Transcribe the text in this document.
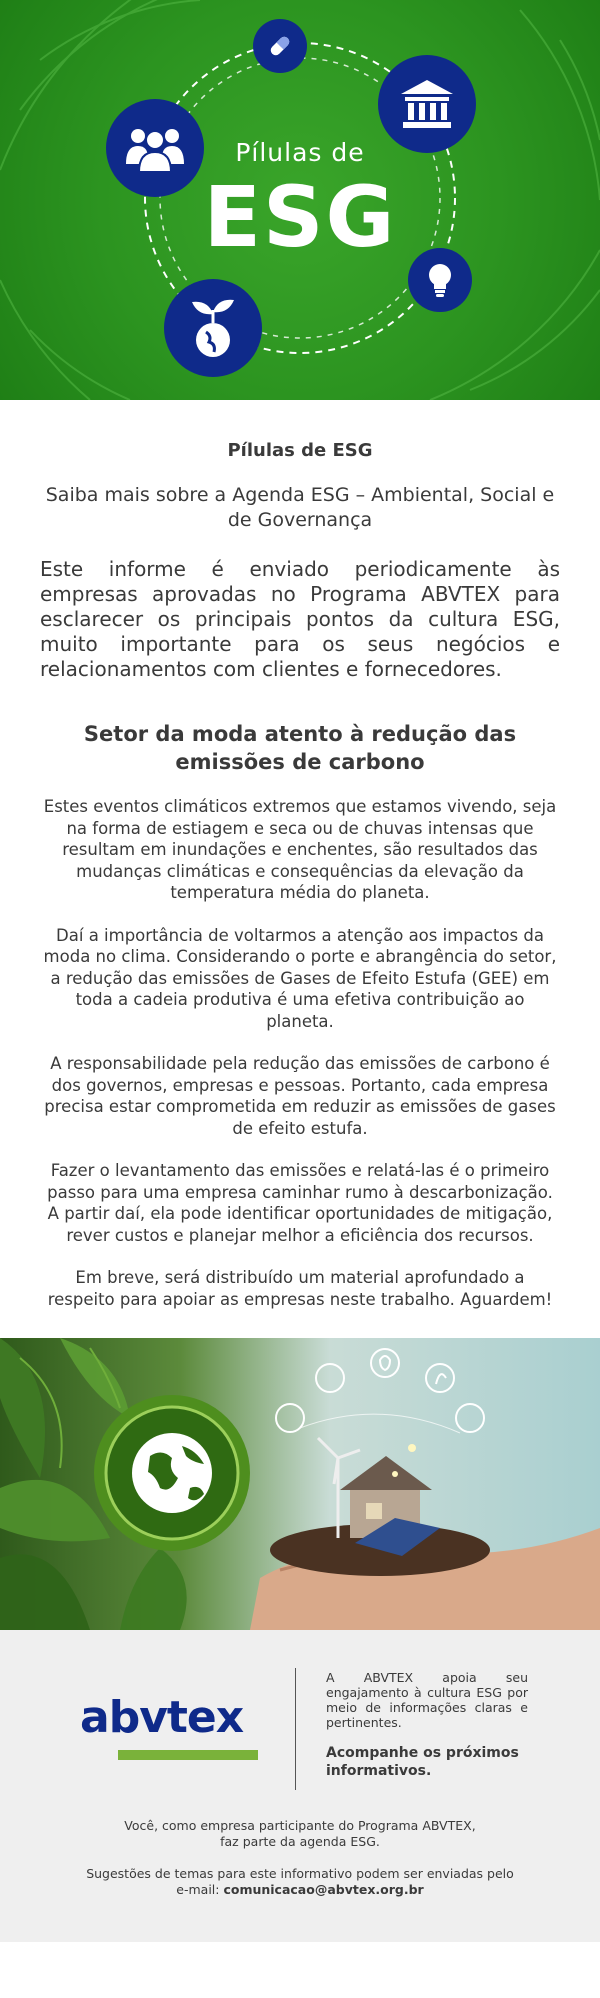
Pílulas de
ESG
Pílulas de ESG

Saiba mais sobre a Agenda ESG – Ambiental, Social e de Governança

Este informe é enviado periodicamente às empresas aprovadas no Programa ABVTEX para esclarecer os principais pontos da cultura ESG, muito importante para os seus negócios e relacionamentos com clientes e fornecedores.

Setor da moda atento à redução das emissões de carbono

Estes eventos climáticos extremos que estamos vivendo, seja na forma de estiagem e seca ou de chuvas intensas que resultam em inundações e enchentes, são resultados das mudanças climáticas e consequências da elevação da temperatura média do planeta.

Daí a importância de voltarmos a atenção aos impactos da moda no clima. Considerando o porte e abrangência do setor, a redução das emissões de Gases de Efeito Estufa (GEE) em toda a cadeia produtiva é uma efetiva contribuição ao planeta.

A responsabilidade pela redução das emissões de carbono é dos governos, empresas e pessoas. Portanto, cada empresa precisa estar comprometida em reduzir as emissões de gases de efeito estufa.

Fazer o levantamento das emissões e relatá-las é o primeiro passo para uma empresa caminhar rumo à descarbonização. A partir daí, ela pode identificar oportunidades de mitigação, rever custos e planejar melhor a eficiência dos recursos.

Em breve, será distribuído um material aprofundado a respeito para apoiar as empresas neste trabalho. Aguardem!

abvtex

A ABVTEX apoia seu engajamento à cultura ESG por meio de informações claras e pertinentes.

Acompanhe os próximos informativos.

Você, como empresa participante do Programa ABVTEX,
faz parte da agenda ESG.

Sugestões de temas para este informativo podem ser enviadas pelo
e-mail: comunicacao@abvtex.org.br
